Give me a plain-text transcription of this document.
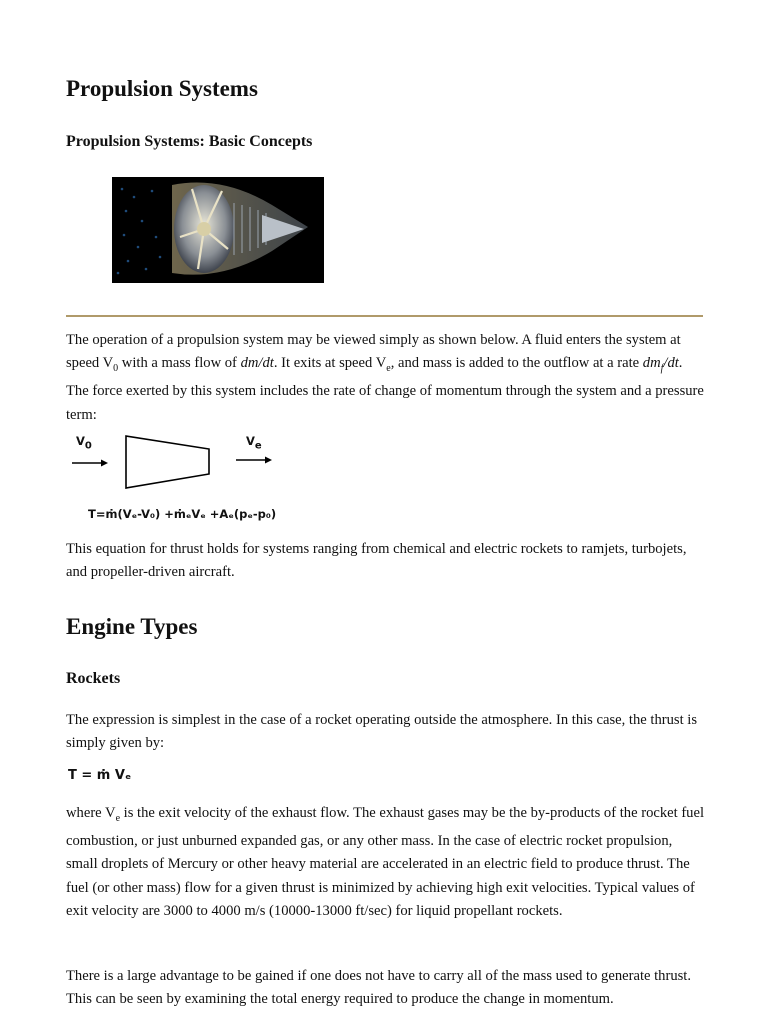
Propulsion Systems
Propulsion Systems: Basic Concepts

The operation of a propulsion system may be viewed simply as shown below. A fluid enters the system at speed $V_0$ with a mass flow of dm/dt. It exits at speed $V_e$, and mass is added to the outflow at a rate $dm_f/dt$. The force exerted by this system includes the rate of change of momentum through the system and a pressure term:

$V_0$	$V_e$
T=ṁ(Vₑ-V₀) +ṁₑVₑ +Aₑ(pₑ-p₀)

This equation for thrust holds for systems ranging from chemical and electric rockets to ramjets, turbojets, and propeller-driven aircraft.

Engine Types
Rockets

The expression is simplest in the case of a rocket operating outside the atmosphere. In this case, the thrust is simply given by:

T = ṁ Vₑ

where $V_e$ is the exit velocity of the exhaust flow. The exhaust gases may be the by-products of the rocket fuel combustion, or just unburned expanded gas, or any other mass. In the case of electric rocket propulsion, small droplets of Mercury or other heavy material are accelerated in an electric field to produce thrust. The fuel (or other mass) flow for a given thrust is minimized by achieving high exit velocities. Typical values of exit velocity are 3000 to 4000 m/s (10000-13000 ft/sec) for liquid propellant rockets.

There is a large advantage to be gained if one does not have to carry all of the mass used to generate thrust. This can be seen by examining the total energy required to produce the change in momentum.
